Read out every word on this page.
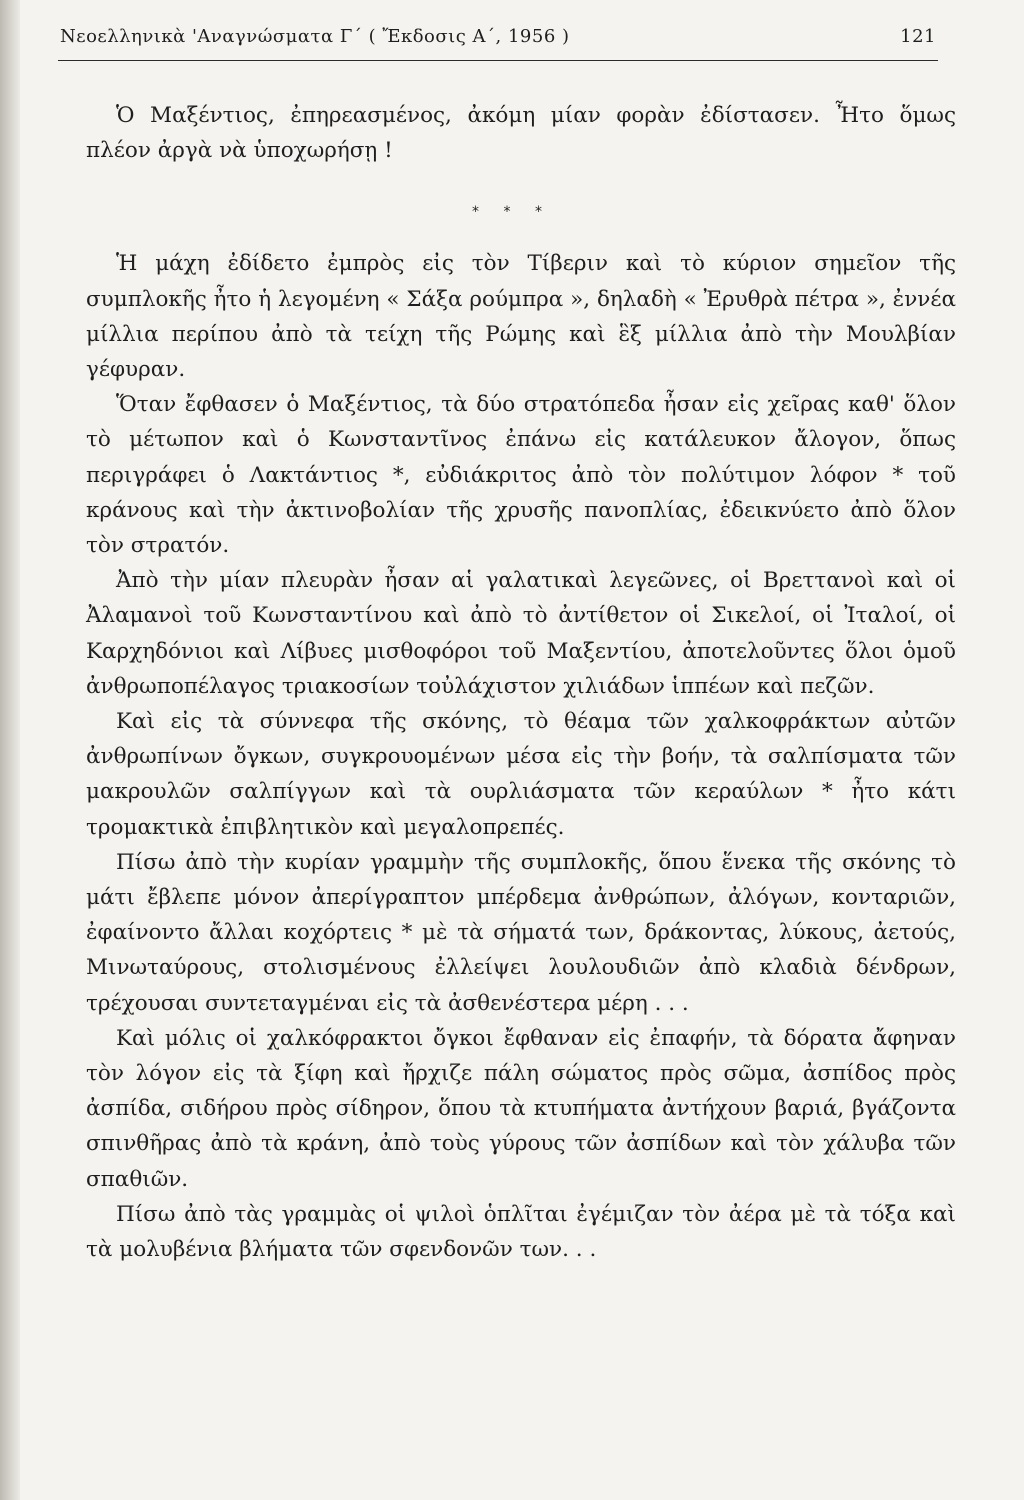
Νεοελληνικὰ 'Αναγνώσματα Γ΄ ( Ἔκδοσις Α΄, 1956 )	121
* * *

Ὁ Μαξέντιος, ἐπηρεασμένος, ἀκόμη μίαν φορὰν ἐδίστασεν. Ἦτο ὅμως πλέον ἀργὰ νὰ ὑποχωρήσῃ !

Ἡ μάχη ἐδίδετο ἐμπρὸς εἰς τὸν Τίβεριν καὶ τὸ κύριον σημεῖον τῆς συμπλοκῆς ἦτο ἡ λεγομένη « Σάξα ρούμπρα », δηλαδὴ « Ἐρυθρὰ πέτρα », ἐννέα μίλλια περίπου ἀπὸ τὰ τείχη τῆς Ρώμης καὶ ἓξ μίλλια ἀπὸ τὴν Μουλβίαν γέφυραν.

Ὅταν ἔφθασεν ὁ Μαξέντιος, τὰ δύο στρατόπεδα ἦσαν εἰς χεῖρας καθ' ὅλον τὸ μέτωπον καὶ ὁ Κωνσταντῖνος ἐπάνω εἰς κατάλευκον ἄλογον, ὅπως περιγράφει ὁ Λακτάντιος *, εὐδιάκριτος ἀπὸ τὸν πολύτιμον λόφον * τοῦ κράνους καὶ τὴν ἀκτινοβολίαν τῆς χρυσῆς πανοπλίας, ἐδεικνύετο ἀπὸ ὅλον τὸν στρατόν.

Ἀπὸ τὴν μίαν πλευρὰν ἦσαν αἱ γαλατικαὶ λεγεῶνες, οἱ Βρεττανοὶ καὶ οἱ Ἀλαμανοὶ τοῦ Κωνσταντίνου καὶ ἀπὸ τὸ ἀντίθετον οἱ Σικελοί, οἱ Ἰταλοί, οἱ Καρχηδόνιοι καὶ Λίβυες μισθοφόροι τοῦ Μαξεντίου, ἀποτελοῦντες ὅλοι ὁμοῦ ἀνθρωποπέλαγος τριακοσίων τοὐλάχιστον χιλιάδων ἱππέων καὶ πεζῶν.

Καὶ εἰς τὰ σύννεφα τῆς σκόνης, τὸ θέαμα τῶν χαλκοφράκτων αὐτῶν ἀνθρωπίνων ὄγκων, συγκρουομένων μέσα εἰς τὴν βοήν, τὰ σαλπίσματα τῶν μακρουλῶν σαλπίγγων καὶ τὰ ουρλιάσματα τῶν κεραύλων * ἦτο κάτι τρομακτικὰ ἐπιβλητικὸν καὶ μεγαλοπρεπές.

Πίσω ἀπὸ τὴν κυρίαν γραμμὴν τῆς συμπλοκῆς, ὅπου ἕνεκα τῆς σκόνης τὸ μάτι ἔβλεπε μόνον ἀπερίγραπτον μπέρδεμα ἀνθρώπων, ἀλόγων, κονταριῶν, ἐφαίνοντο ἄλλαι κοχόρτεις * μὲ τὰ σήματά των, δράκοντας, λύκους, ἀετούς, Μινωταύρους, στολισμένους ἐλλείψει λουλουδιῶν ἀπὸ κλαδιὰ δένδρων, τρέχουσαι συντεταγμέναι εἰς τὰ ἀσθενέστερα μέρη . . .

Καὶ μόλις οἱ χαλκόφρακτοι ὄγκοι ἔφθαναν εἰς ἐπαφήν, τὰ δόρατα ἄφηναν τὸν λόγον εἰς τὰ ξίφη καὶ ἤρχιζε πάλη σώματος πρὸς σῶμα, ἀσπίδος πρὸς ἀσπίδα, σιδήρου πρὸς σίδηρον, ὅπου τὰ κτυπήματα ἀντήχουν βαριά, βγάζοντα σπινθῆρας ἀπὸ τὰ κράνη, ἀπὸ τοὺς γύρους τῶν ἀσπίδων καὶ τὸν χάλυβα τῶν σπαθιῶν.

Πίσω ἀπὸ τὰς γραμμὰς οἱ ψιλοὶ ὁπλῖται ἐγέμιζαν τὸν ἀέρα μὲ τὰ τόξα καὶ τὰ μολυβένια βλήματα τῶν σφενδονῶν των. . .
